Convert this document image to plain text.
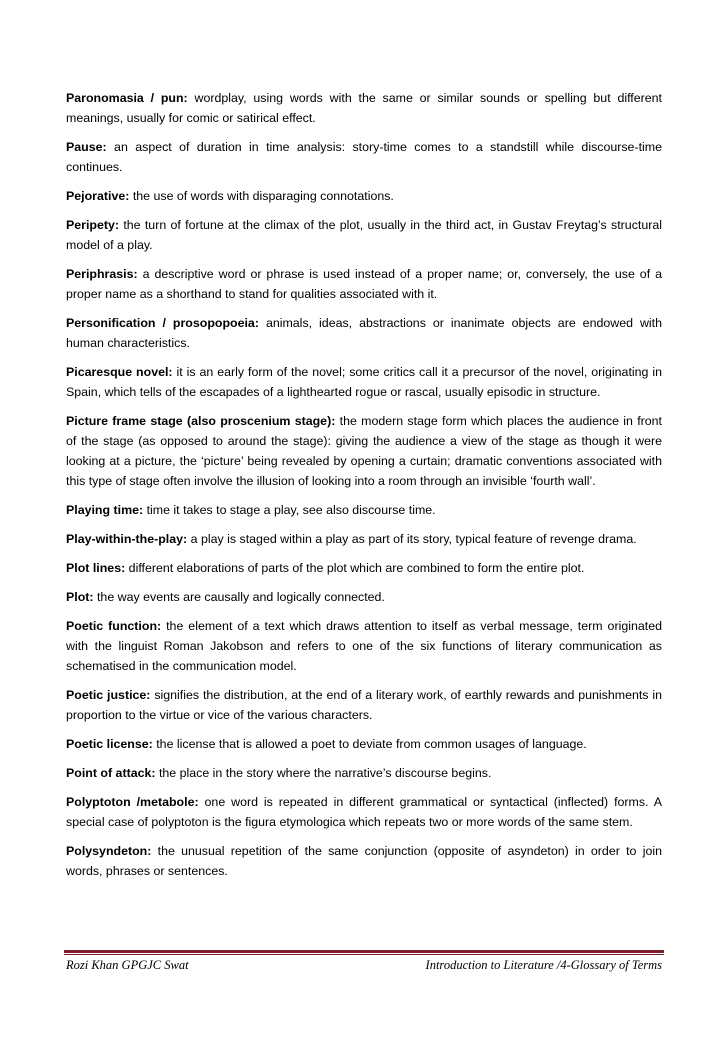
Paronomasia / pun: wordplay, using words with the same or similar sounds or spelling but different meanings, usually for comic or satirical effect.

Pause: an aspect of duration in time analysis: story-time comes to a standstill while discourse-time continues.

Pejorative: the use of words with disparaging connotations.

Peripety: the turn of fortune at the climax of the plot, usually in the third act, in Gustav Freytag’s structural model of a play.

Periphrasis: a descriptive word or phrase is used instead of a proper name; or, conversely, the use of a proper name as a shorthand to stand for qualities associated with it.

Personification / prosopopoeia: animals, ideas, abstractions or inanimate objects are endowed with human characteristics.

Picaresque novel: it is an early form of the novel; some critics call it a precursor of the novel, originating in Spain, which tells of the escapades of a lighthearted rogue or rascal, usually episodic in structure.

Picture frame stage (also proscenium stage): the modern stage form which places the audience in front of the stage (as opposed to around the stage): giving the audience a view of the stage as though it were looking at a picture, the ‘picture’ being revealed by opening a curtain; dramatic conventions associated with this type of stage often involve the illusion of looking into a room through an invisible ‘fourth wall’.

Playing time: time it takes to stage a play, see also discourse time.

Play-within-the-play: a play is staged within a play as part of its story, typical feature of revenge drama.

Plot lines: different elaborations of parts of the plot which are combined to form the entire plot.

Plot: the way events are causally and logically connected.

Poetic function: the element of a text which draws attention to itself as verbal message, term originated with the linguist Roman Jakobson and refers to one of the six functions of literary communication as schematised in the communication model.

Poetic justice: signifies the distribution, at the end of a literary work, of earthly rewards and punishments in proportion to the virtue or vice of the various characters.

Poetic license: the license that is allowed a poet to deviate from common usages of language.

Point of attack: the place in the story where the narrative’s discourse begins.

Polyptoton /metabole: one word is repeated in different grammatical or syntactical (inflected) forms. A special case of polyptoton is the figura etymologica which repeats two or more words of the same stem.

Polysyndeton: the unusual repetition of the same conjunction (opposite of asyndeton) in order to join words, phrases or sentences.

Rozi Khan GPGJC Swat	Introduction to Literature /4-Glossary of Terms
